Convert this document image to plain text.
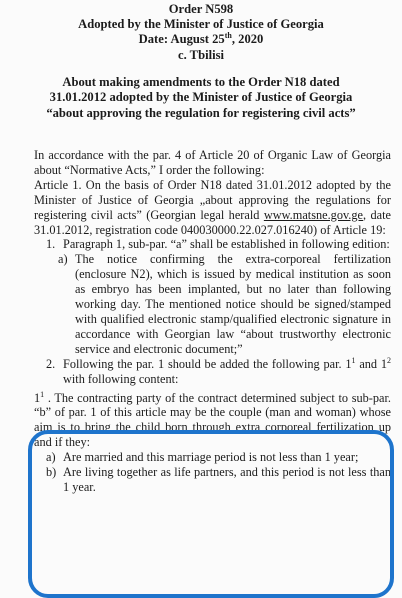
Order N598
Adopted by the Minister of Justice of Georgia
Date: August 25th, 2020
c. Tbilisi
About making amendments to the Order N18 dated
31.01.2012 adopted by the Minister of Justice of Georgia
“about approving the regulation for registering civil acts”

In accordance with the par. 4 of Article 20 of Organic Law of Georgia about “Normative Acts,” I order the following:

Article 1. On the basis of Order N18 dated 31.01.2012 adopted by the Minister of Justice of Georgia „about approving the regulations for registering civil acts” (Georgian legal herald www.matsne.gov.ge, date 31.01.2012, registration code 040030000.22.027.016240) of Article 19:

1. Paragraph 1, sub-par. “a” shall be established in following edition:
a) The notice confirming the extra-corporeal fertilization (enclosure N2), which is issued by medical institution as soon as embryo has been implanted, but no later than following working day. The mentioned notice should be signed/stamped with qualified electronic stamp/qualified electronic signature in accordance with Georgian law “about trustworthy electronic service and electronic document;”
2. Following the par. 1 should be added the following par. $1^1$ and $1^2$ with following content:

$1^1$ . The contracting party of the contract determined subject to sub-par. “b” of par. 1 of this article may be the couple (man and woman) whose aim is to bring the child born through extra corporeal fertilization up and if they:

a) Are married and this marriage period is not less than 1 year;
b) Are living together as life partners, and this period is not less than 1 year.
